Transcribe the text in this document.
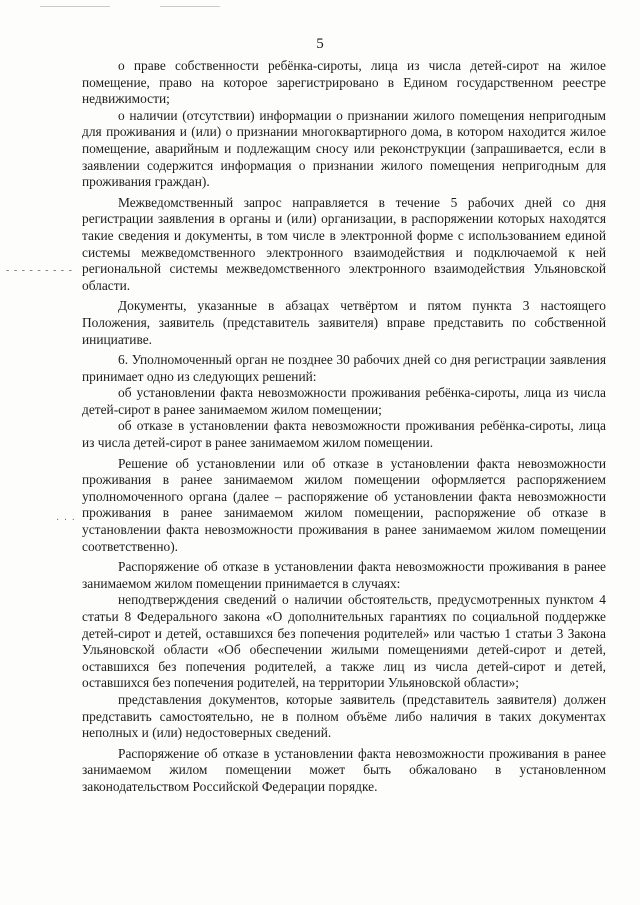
5
- - - - - - - - -
· · ·

о праве собственности ребёнка-сироты, лица из числа детей-сирот на жилое помещение, право на которое зарегистрировано в Едином государственном реестре недвижимости;

о наличии (отсутствии) информации о признании жилого помещения непригодным для проживания и (или) о признании многоквартирного дома, в котором находится жилое помещение, аварийным и подлежащим сносу или реконструкции (запрашивается, если в заявлении содержится информация о признании жилого помещения непригодным для проживания граждан).

Межведомственный запрос направляется в течение 5 рабочих дней со дня регистрации заявления в органы и (или) организации, в распоряжении которых находятся такие сведения и документы, в том числе в электронной форме с использованием единой системы межведомственного электронного взаимодействия и подключаемой к ней региональной системы межведомственного электронного взаимодействия Ульяновской области.

Документы, указанные в абзацах четвёртом и пятом пункта 3 настоящего Положения, заявитель (представитель заявителя) вправе представить по собственной инициативе.

6. Уполномоченный орган не позднее 30 рабочих дней со дня регистрации заявления принимает одно из следующих решений:

об установлении факта невозможности проживания ребёнка-сироты, лица из числа детей-сирот в ранее занимаемом жилом помещении;

об отказе в установлении факта невозможности проживания ребёнка-сироты, лица из числа детей-сирот в ранее занимаемом жилом помещении.

Решение об установлении или об отказе в установлении факта невозможности проживания в ранее занимаемом жилом помещении оформляется распоряжением уполномоченного органа (далее – распоряжение об установлении факта невозможности проживания в ранее занимаемом жилом помещении, распоряжение об отказе в установлении факта невозможности проживания в ранее занимаемом жилом помещении соответственно).

Распоряжение об отказе в установлении факта невозможности проживания в ранее занимаемом жилом помещении принимается в случаях:

неподтверждения сведений о наличии обстоятельств, предусмотренных пунктом 4 статьи 8 Федерального закона «О дополнительных гарантиях по социальной поддержке детей-сирот и детей, оставшихся без попечения родителей» или частью 1 статьи 3 Закона Ульяновской области «Об обеспечении жилыми помещениями детей-сирот и детей, оставшихся без попечения родителей, а также лиц из числа детей-сирот и детей, оставшихся без попечения родителей, на территории Ульяновской области»;

представления документов, которые заявитель (представитель заявителя) должен представить самостоятельно, не в полном объёме либо наличия в таких документах неполных и (или) недостоверных сведений.

Распоряжение об отказе в установлении факта невозможности проживания в ранее занимаемом жилом помещении может быть обжаловано в установленном законодательством Российской Федерации порядке.
